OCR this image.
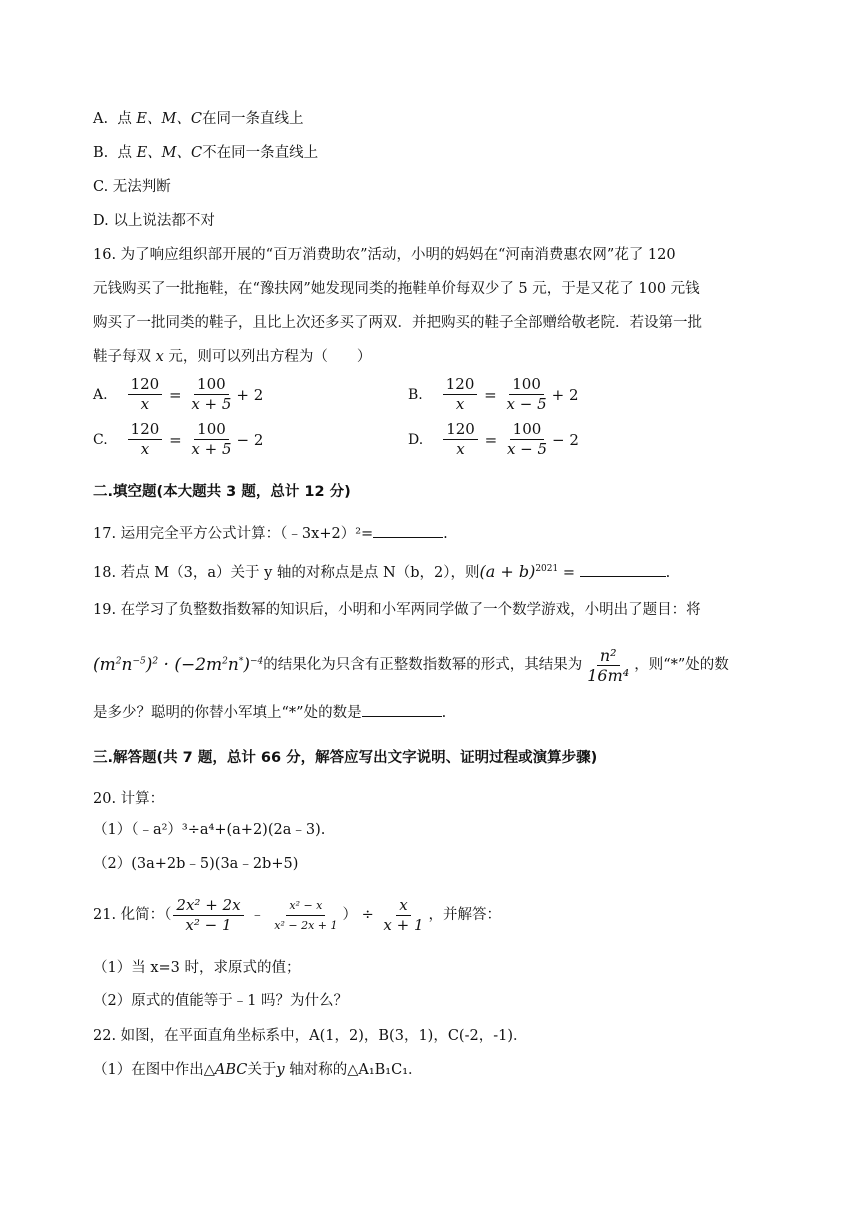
A. 点 E、M、C在同一条直线上
B. 点 E、M、C不在同一条直线上
C. 无法判断
D. 以上说法都不对
16. 为了响应组织部开展的“百万消费助农”活动，小明的妈妈在“河南消费惠农网”花了 120
元钱购买了一批拖鞋，在“豫扶网”她发现同类的拖鞋单价每双少了 5 元，于是又花了 100 元钱
购买了一批同类的鞋子，且比上次还多买了两双．并把购买的鞋子全部赠给敬老院．若设第一批
鞋子每双 x 元，则可以列出方程为（　　）
A. $\frac{120}{x} = \frac{100}{x + 5} + 2$	B. $\frac{120}{x} = \frac{100}{x - 5} + 2$
C. $\frac{120}{x} = \frac{100}{x + 5} - 2$	D. $\frac{120}{x} = \frac{100}{x - 5} - 2$
二.填空题(本大题共 3 题，总计 12 分)
17. 运用完全平方公式计算：（﹣3x+2）²=	.
18. 若点 M（3，a）关于 y 轴的对称点是点 N（b，2），则$(a + b)^{2021}$ =	.
19. 在学习了负整数指数幂的知识后，小明和小军两同学做了一个数学游戏，小明出了题目：将
$(m^2n^{-5})^2 \cdot (-2m^2n^*)^{-4}$ 的结果化为只含有正整数指数幂的形式，其结果为 $\frac{\text{n²}}{\text{16m⁴}}$ ，则“*”处的数
是多少？聪明的你替小军填上“*”处的数是	.
三.解答题(共 7 题，总计 66 分，解答应写出文字说明、证明过程或演算步骤)
20. 计算：
（1）（﹣a²）³÷a⁴+(a+2)(2a﹣3).
（2）(3a+2b﹣5)(3a﹣2b+5)
21. 化简：（ $\frac{\text{2x² + 2x}}{\text{x² − 1}}$
﹣
$\frac{\text{x² − x}}{\text{x² − 2x + 1}}$ ）
÷
$\frac{x}{x + 1}$ ，并解答：
（1）当 x=3 时，求原式的值；
（2）原式的值能等于﹣1 吗？为什么？
22. 如图，在平面直角坐标系中，A(1，2)，B(3，1)，C(-2，-1)．
（1）在图中作出△ABC关于y 轴对称的△A₁B₁C₁．
